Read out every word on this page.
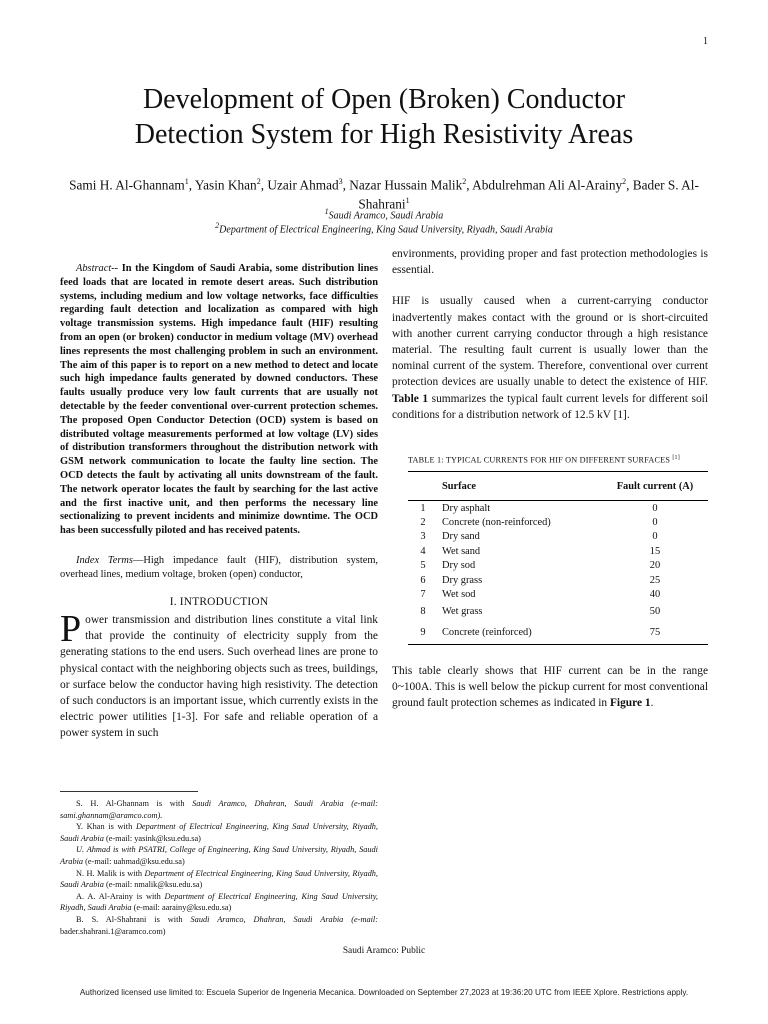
1
Development of Open (Broken) Conductor
Detection System for High Resistivity Areas
Sami H. Al-Ghannam$^1$, Yasin Khan$^2$, Uzair Ahmad$^3$, Nazar Hussain Malik$^2$, Abdulrehman Ali Al-Arainy$^2$, Bader S. Al-Shahrani$^1$
$^1$Saudi Aramco, Saudi Arabia
$^2$Department of Electrical Engineering, King Saud University, Riyadh, Saudi Arabia

Abstract-- In the Kingdom of Saudi Arabia, some distribution lines feed loads that are located in remote desert areas. Such distribution systems, including medium and low voltage networks, face difficulties regarding fault detection and localization as compared with high voltage transmission systems. High impedance fault (HIF) resulting from an open (or broken) conductor in medium voltage (MV) overhead lines represents the most challenging problem in such an environment. The aim of this paper is to report on a new method to detect and locate such high impedance faults generated by downed conductors. These faults usually produce very low fault currents that are usually not detectable by the feeder conventional over-current protection schemes. The proposed Open Conductor Detection (OCD) system is based on distributed voltage measurements performed at low voltage (LV) sides of distribution transformers throughout the distribution network with GSM network communication to locate the faulty line section. The OCD detects the fault by activating all units downstream of the fault. The network operator locates the fault by searching for the last active and the first inactive unit, and then performs the necessary line sectionalizing to prevent incidents and minimize downtime. The OCD has been successfully piloted and has received patents.

Index Terms—High impedance fault (HIF), distribution system, overhead lines, medium voltage, broken (open) conductor,

I. INTRODUCTION

Power transmission and distribution lines constitute a vital link that provide the continuity of electricity supply from the generating stations to the end users. Such overhead lines are prone to physical contact with the neighboring objects such as trees, buildings, or surface below the conductor having high resistivity. The detection of such conductors is an important issue, which currently exists in the electric power utilities [1-3]. For safe and reliable operation of a power system in such

S. H. Al-Ghannam is with Saudi Aramco, Dhahran, Saudi Arabia (e-mail: sami.ghannam@aramco.com).

Y. Khan is with Department of Electrical Engineering, King Saud University, Riyadh, Saudi Arabia (e-mail: yasink@ksu.edu.sa)

U. Ahmad is with PSATRI, College of Engineering, King Saud University, Riyadh, Saudi Arabia (e-mail: uahmad@ksu.edu.sa)

N. H. Malik is with Department of Electrical Engineering, King Saud University, Riyadh, Saudi Arabia (e-mail: nmalik@ksu.edu.sa)

A. A. Al-Arainy is with Department of Electrical Engineering, King Saud University, Riyadh, Saudi Arabia (e-mail: aarainy@ksu.edu.sa)

B. S. Al-Shahrani is with Saudi Aramco, Dhahran, Saudi Arabia (e-mail: bader.shahrani.1@aramco.com)

environments, providing proper and fast protection methodologies is essential.

HIF is usually caused when a current-carrying conductor inadvertently makes contact with the ground or is short-circuited with another current carrying conductor through a high resistance material. The resulting fault current is usually lower than the nominal current of the system. Therefore, conventional over current protection devices are usually unable to detect the existence of HIF. Table 1 summarizes the typical fault current levels for different soil conditions for a distribution network of 12.5 kV [1].

TABLE 1: TYPICAL CURRENTS FOR HIF ON DIFFERENT SURFACES [1]
	Surface	Fault current (A)
1	Dry asphalt	0
2	Concrete (non-reinforced)	0
3	Dry sand	0
4	Wet sand	15
5	Dry sod	20
6	Dry grass	25
7	Wet sod	40
8	Wet grass	50
9	Concrete (reinforced)	75

This table clearly shows that HIF current can be in the range 0~100A. This is well below the pickup current for most conventional ground fault protection schemes as indicated in Figure 1.

Saudi Aramco: Public
Authorized licensed use limited to: Escuela Superior de Ingeneria Mecanica. Downloaded on September 27,2023 at 19:36:20 UTC from IEEE Xplore. Restrictions apply.
